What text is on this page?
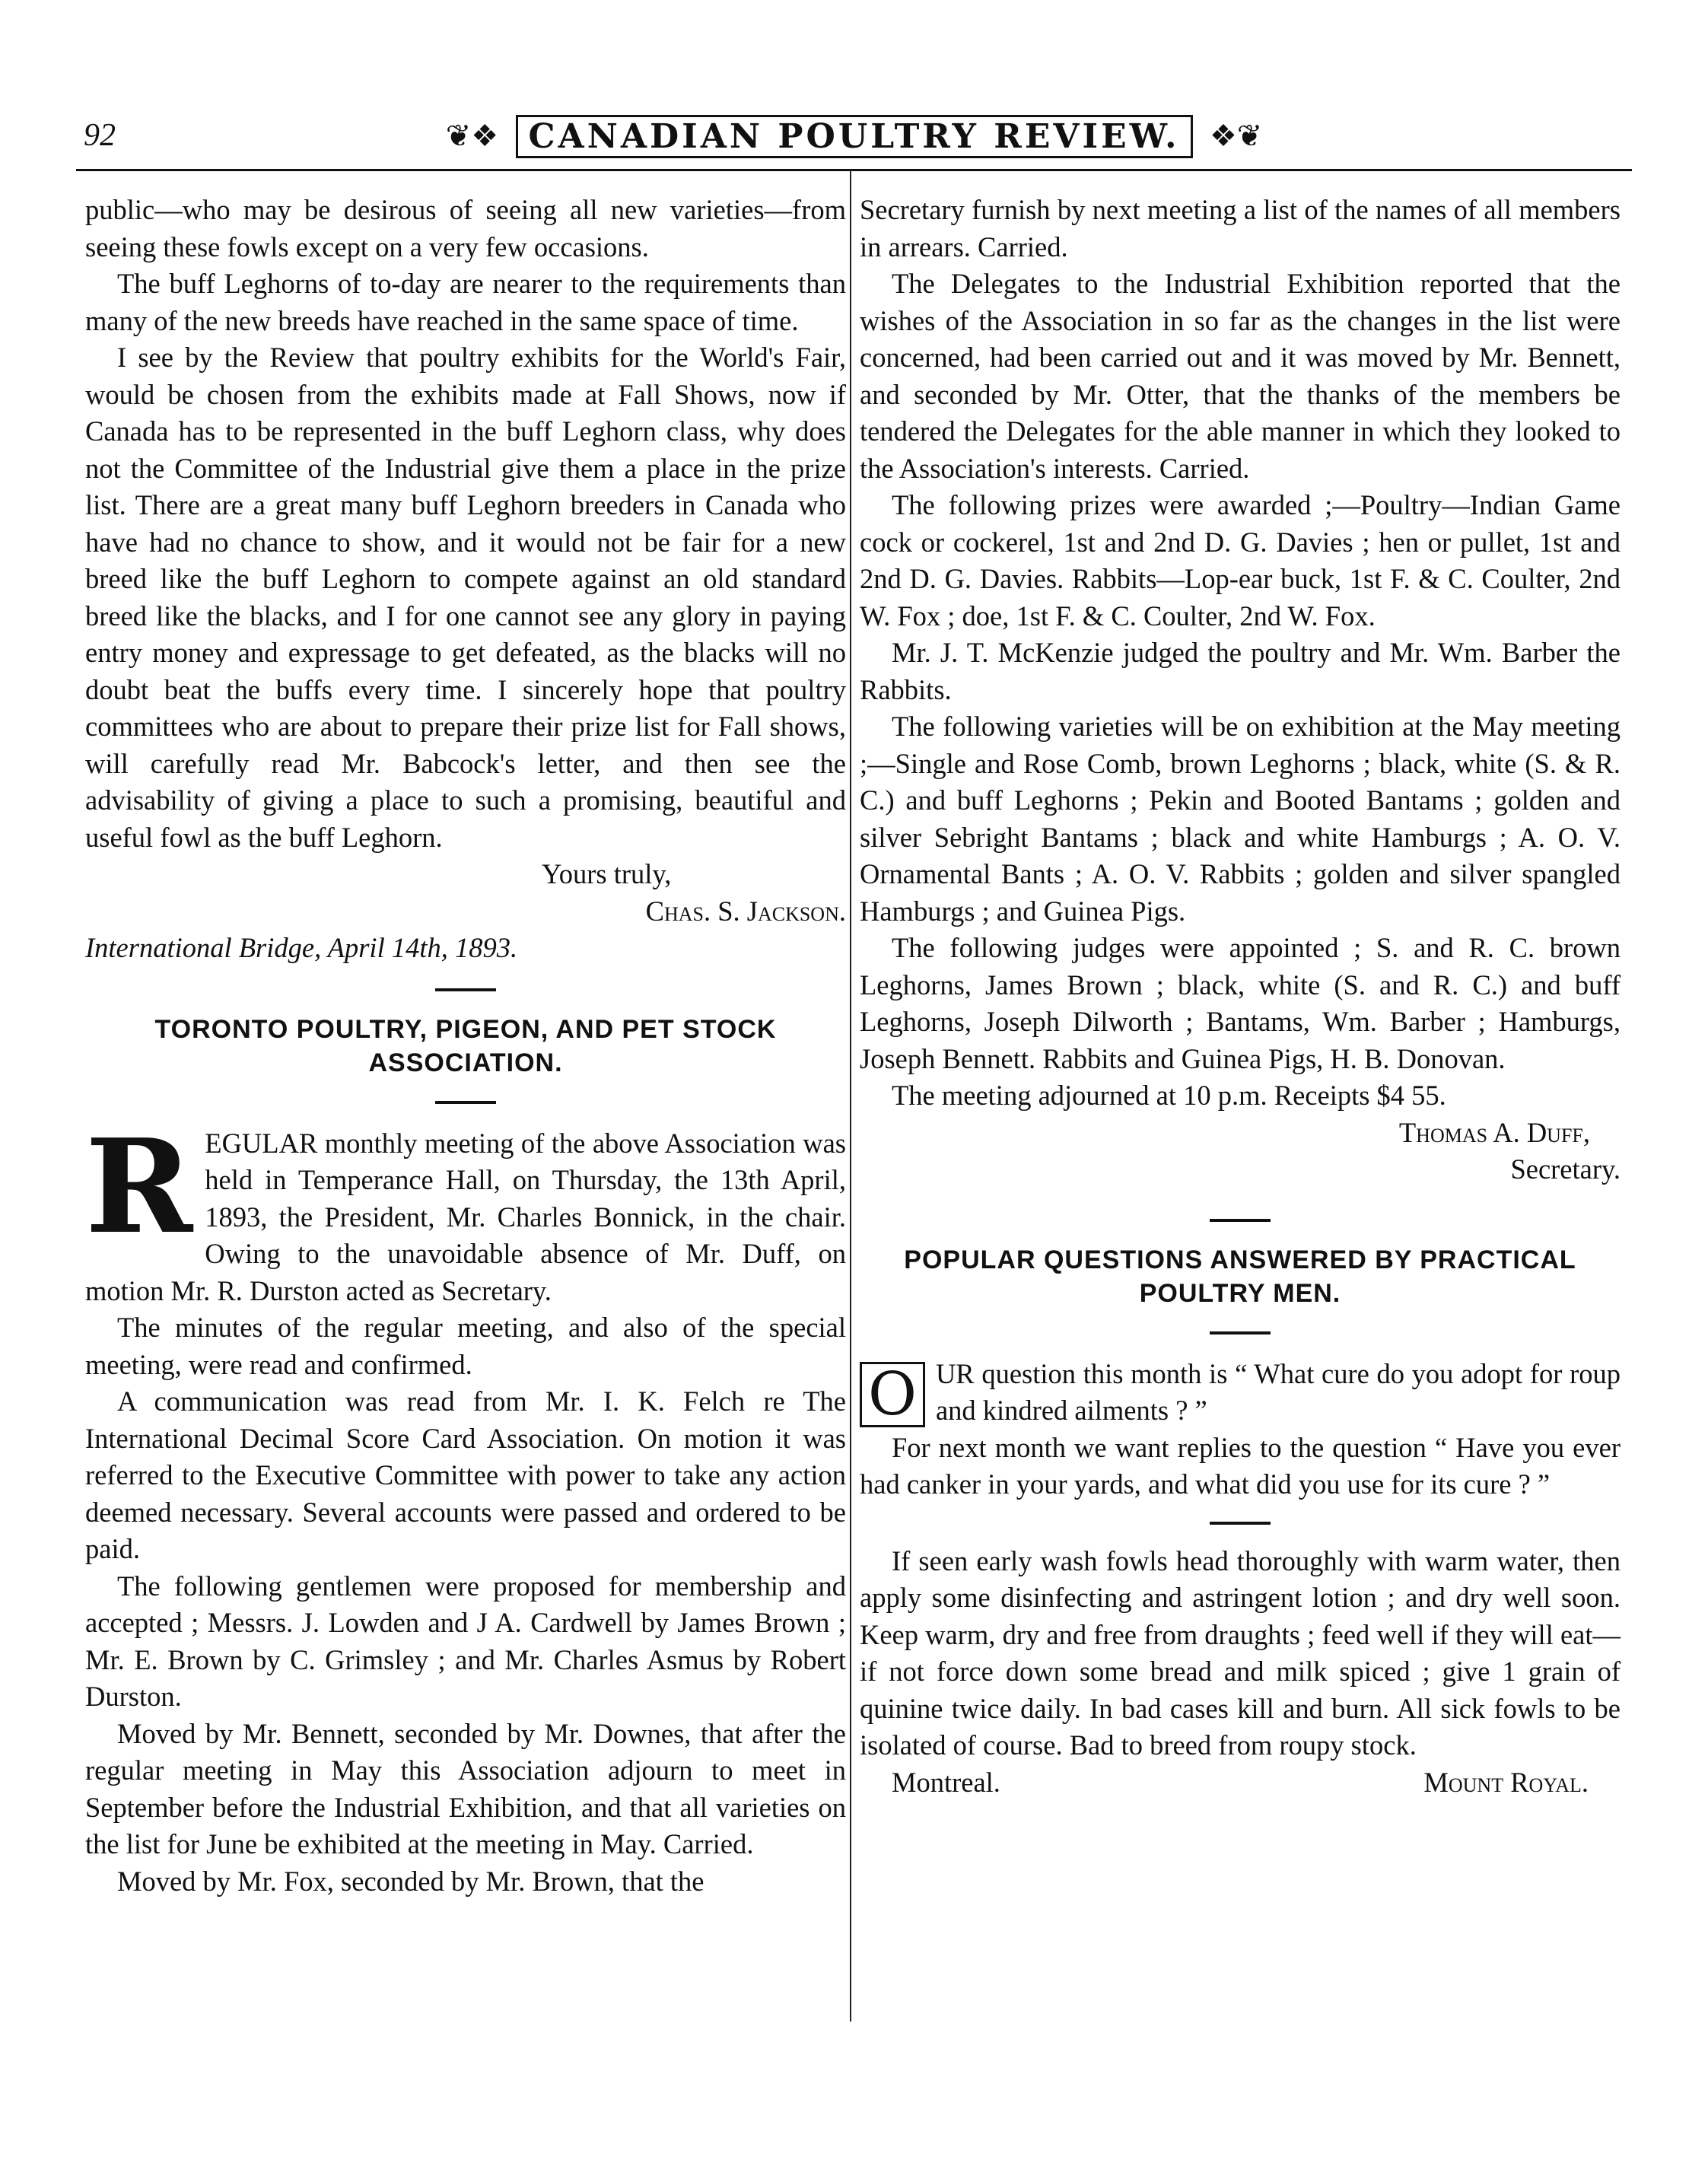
92	❦❖ CANADIAN POULTRY REVIEW. ❖❦

public—who may be desirous of seeing all new varieties—from seeing these fowls except on a very few occasions.

The buff Leghorns of to-day are nearer to the requirements than many of the new breeds have reached in the same space of time.

I see by the Review that poultry exhibits for the World's Fair, would be chosen from the exhibits made at Fall Shows, now if Canada has to be represented in the buff Leghorn class, why does not the Committee of the Industrial give them a place in the prize list. There are a great many buff Leghorn breeders in Canada who have had no chance to show, and it would not be fair for a new breed like the buff Leghorn to compete against an old standard breed like the blacks, and I for one cannot see any glory in paying entry money and expressage to get defeated, as the blacks will no doubt beat the buffs every time. I sincerely hope that poultry committees who are about to prepare their prize list for Fall shows, will carefully read Mr. Babcock's letter, and then see the advisability of giving a place to such a promising, beautiful and useful fowl as the buff Leghorn.

Yours truly,

Chas. S. Jackson.

International Bridge, April 14th, 1893.

TORONTO POULTRY, PIGEON, AND PET STOCK ASSOCIATION.
R EGULAR monthly meeting of the above Association was held in Temperance Hall, on Thursday, the 13th April, 1893, the President, Mr. Charles Bonnick, in the chair. Owing to the unavoidable absence of Mr. Duff, on motion Mr. R. Durston acted as Secretary.

The minutes of the regular meeting, and also of the special meeting, were read and confirmed.

A communication was read from Mr. I. K. Felch re The International Decimal Score Card Association. On motion it was referred to the Executive Committee with power to take any action deemed necessary. Several accounts were passed and ordered to be paid.

The following gentlemen were proposed for membership and accepted ; Messrs. J. Lowden and J A. Cardwell by James Brown ; Mr. E. Brown by C. Grimsley ; and Mr. Charles Asmus by Robert Durston.

Moved by Mr. Bennett, seconded by Mr. Downes, that after the regular meeting in May this Association adjourn to meet in September before the Industrial Exhibition, and that all varieties on the list for June be exhibited at the meeting in May. Carried.

Moved by Mr. Fox, seconded by Mr. Brown, that the

Secretary furnish by next meeting a list of the names of all members in arrears. Carried.

The Delegates to the Industrial Exhibition reported that the wishes of the Association in so far as the changes in the list were concerned, had been carried out and it was moved by Mr. Bennett, and seconded by Mr. Otter, that the thanks of the members be tendered the Delegates for the able manner in which they looked to the Association's interests. Carried.

The following prizes were awarded ;—Poultry—Indian Game cock or cockerel, 1st and 2nd D. G. Davies ; hen or pullet, 1st and 2nd D. G. Davies. Rabbits—Lop-ear buck, 1st F. & C. Coulter, 2nd W. Fox ; doe, 1st F. & C. Coulter, 2nd W. Fox.

Mr. J. T. McKenzie judged the poultry and Mr. Wm. Barber the Rabbits.

The following varieties will be on exhibition at the May meeting ;—Single and Rose Comb, brown Leghorns ; black, white (S. & R. C.) and buff Leghorns ; Pekin and Booted Bantams ; golden and silver Sebright Bantams ; black and white Hamburgs ; A. O. V. Ornamental Bants ; A. O. V. Rabbits ; golden and silver spangled Hamburgs ; and Guinea Pigs.

The following judges were appointed ; S. and R. C. brown Leghorns, James Brown ; black, white (S. and R. C.) and buff Leghorns, Joseph Dilworth ; Bantams, Wm. Barber ; Hamburgs, Joseph Bennett. Rabbits and Guinea Pigs, H. B. Donovan.

The meeting adjourned at 10 p.m. Receipts $4 55.

Thomas A. Duff,

Secretary.

POPULAR QUESTIONS ANSWERED BY PRACTICAL POULTRY MEN.
O UR question this month is “ What cure do you adopt for roup and kindred ailments ? ”

For next month we want replies to the question “ Have you ever had canker in your yards, and what did you use for its cure ? ”

If seen early wash fowls head thoroughly with warm water, then apply some disinfecting and astringent lotion ; and dry well soon. Keep warm, dry and free from draughts ; feed well if they will eat—if not force down some bread and milk spiced ; give 1 grain of quinine twice daily. In bad cases kill and burn. All sick fowls to be isolated of course. Bad to breed from roupy stock.

Montreal.	Mount Royal.
